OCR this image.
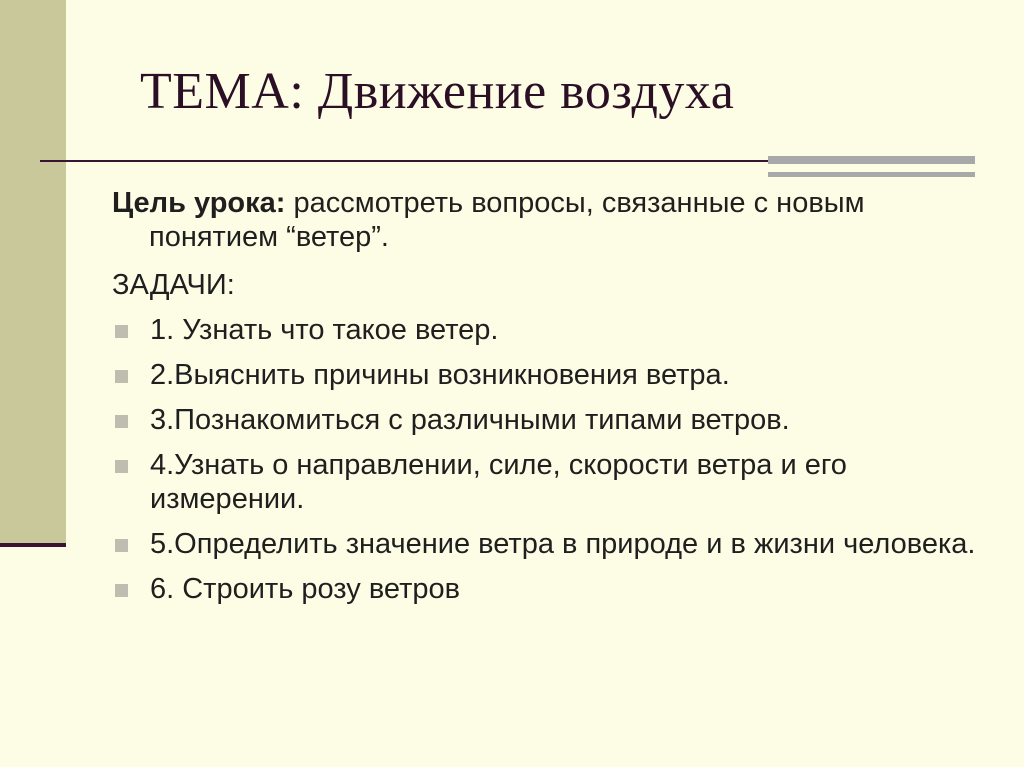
ТЕМА: Движение воздуха

Цель урока: рассмотреть вопросы, связанные с новым понятием “ветер”.

ЗАДАЧИ:
1. Узнать что такое ветер.
2.Выяснить причины возникновения ветра.
3.Познакомиться с различными типами ветров.
4.Узнать о направлении, силе, скорости ветра и его измерении.
5.Определить значение ветра в природе и в жизни человека.
6. Строить розу ветров
